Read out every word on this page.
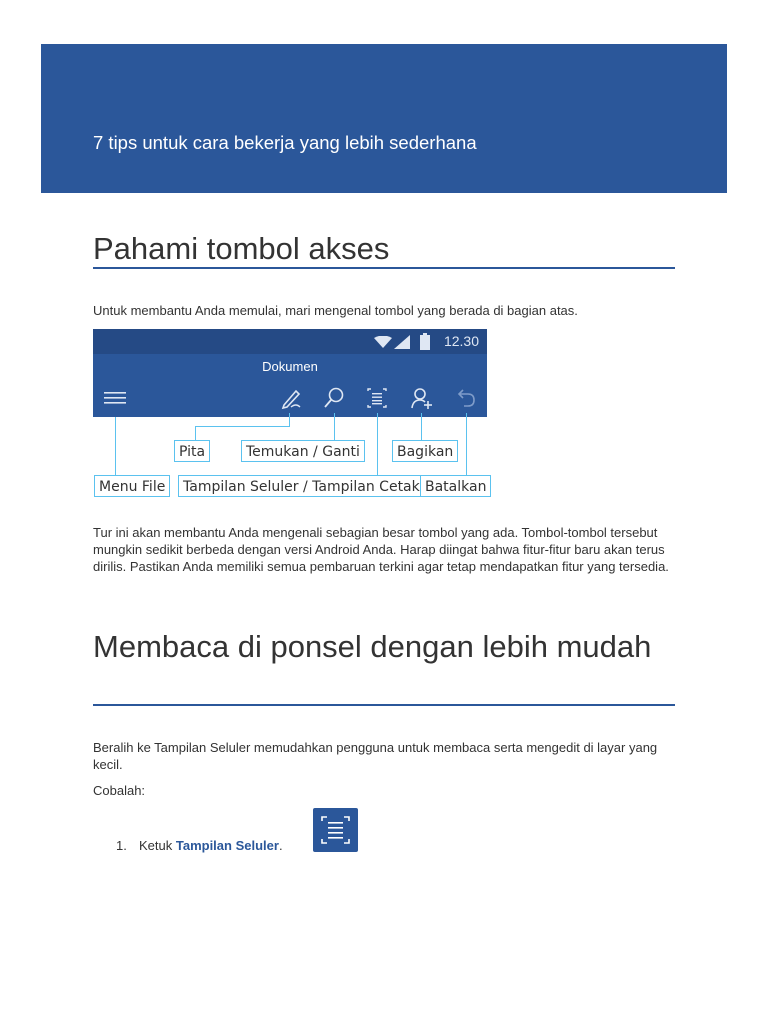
7 tips untuk cara bekerja yang lebih sederhana
Pahami tombol akses

Untuk membantu Anda memulai, mari mengenal tombol yang berada di bagian atas.

12.30
Dokumen
Pita	Temukan / Ganti	Bagikan
Menu File	Tampilan Seluler / Tampilan Cetak Batalkan

Tur ini akan membantu Anda mengenali sebagian besar tombol yang ada. Tombol-tombol tersebut mungkin sedikit berbeda dengan versi Android Anda. Harap diingat bahwa fitur-fitur baru akan terus dirilis. Pastikan Anda memiliki semua pembaruan terkini agar tetap mendapatkan fitur yang tersedia.

Membaca di ponsel dengan lebih mudah

Beralih ke Tampilan Seluler memudahkan pengguna untuk membaca serta mengedit di layar yang kecil.

Cobalah:

1. Ketuk Tampilan Seluler.
